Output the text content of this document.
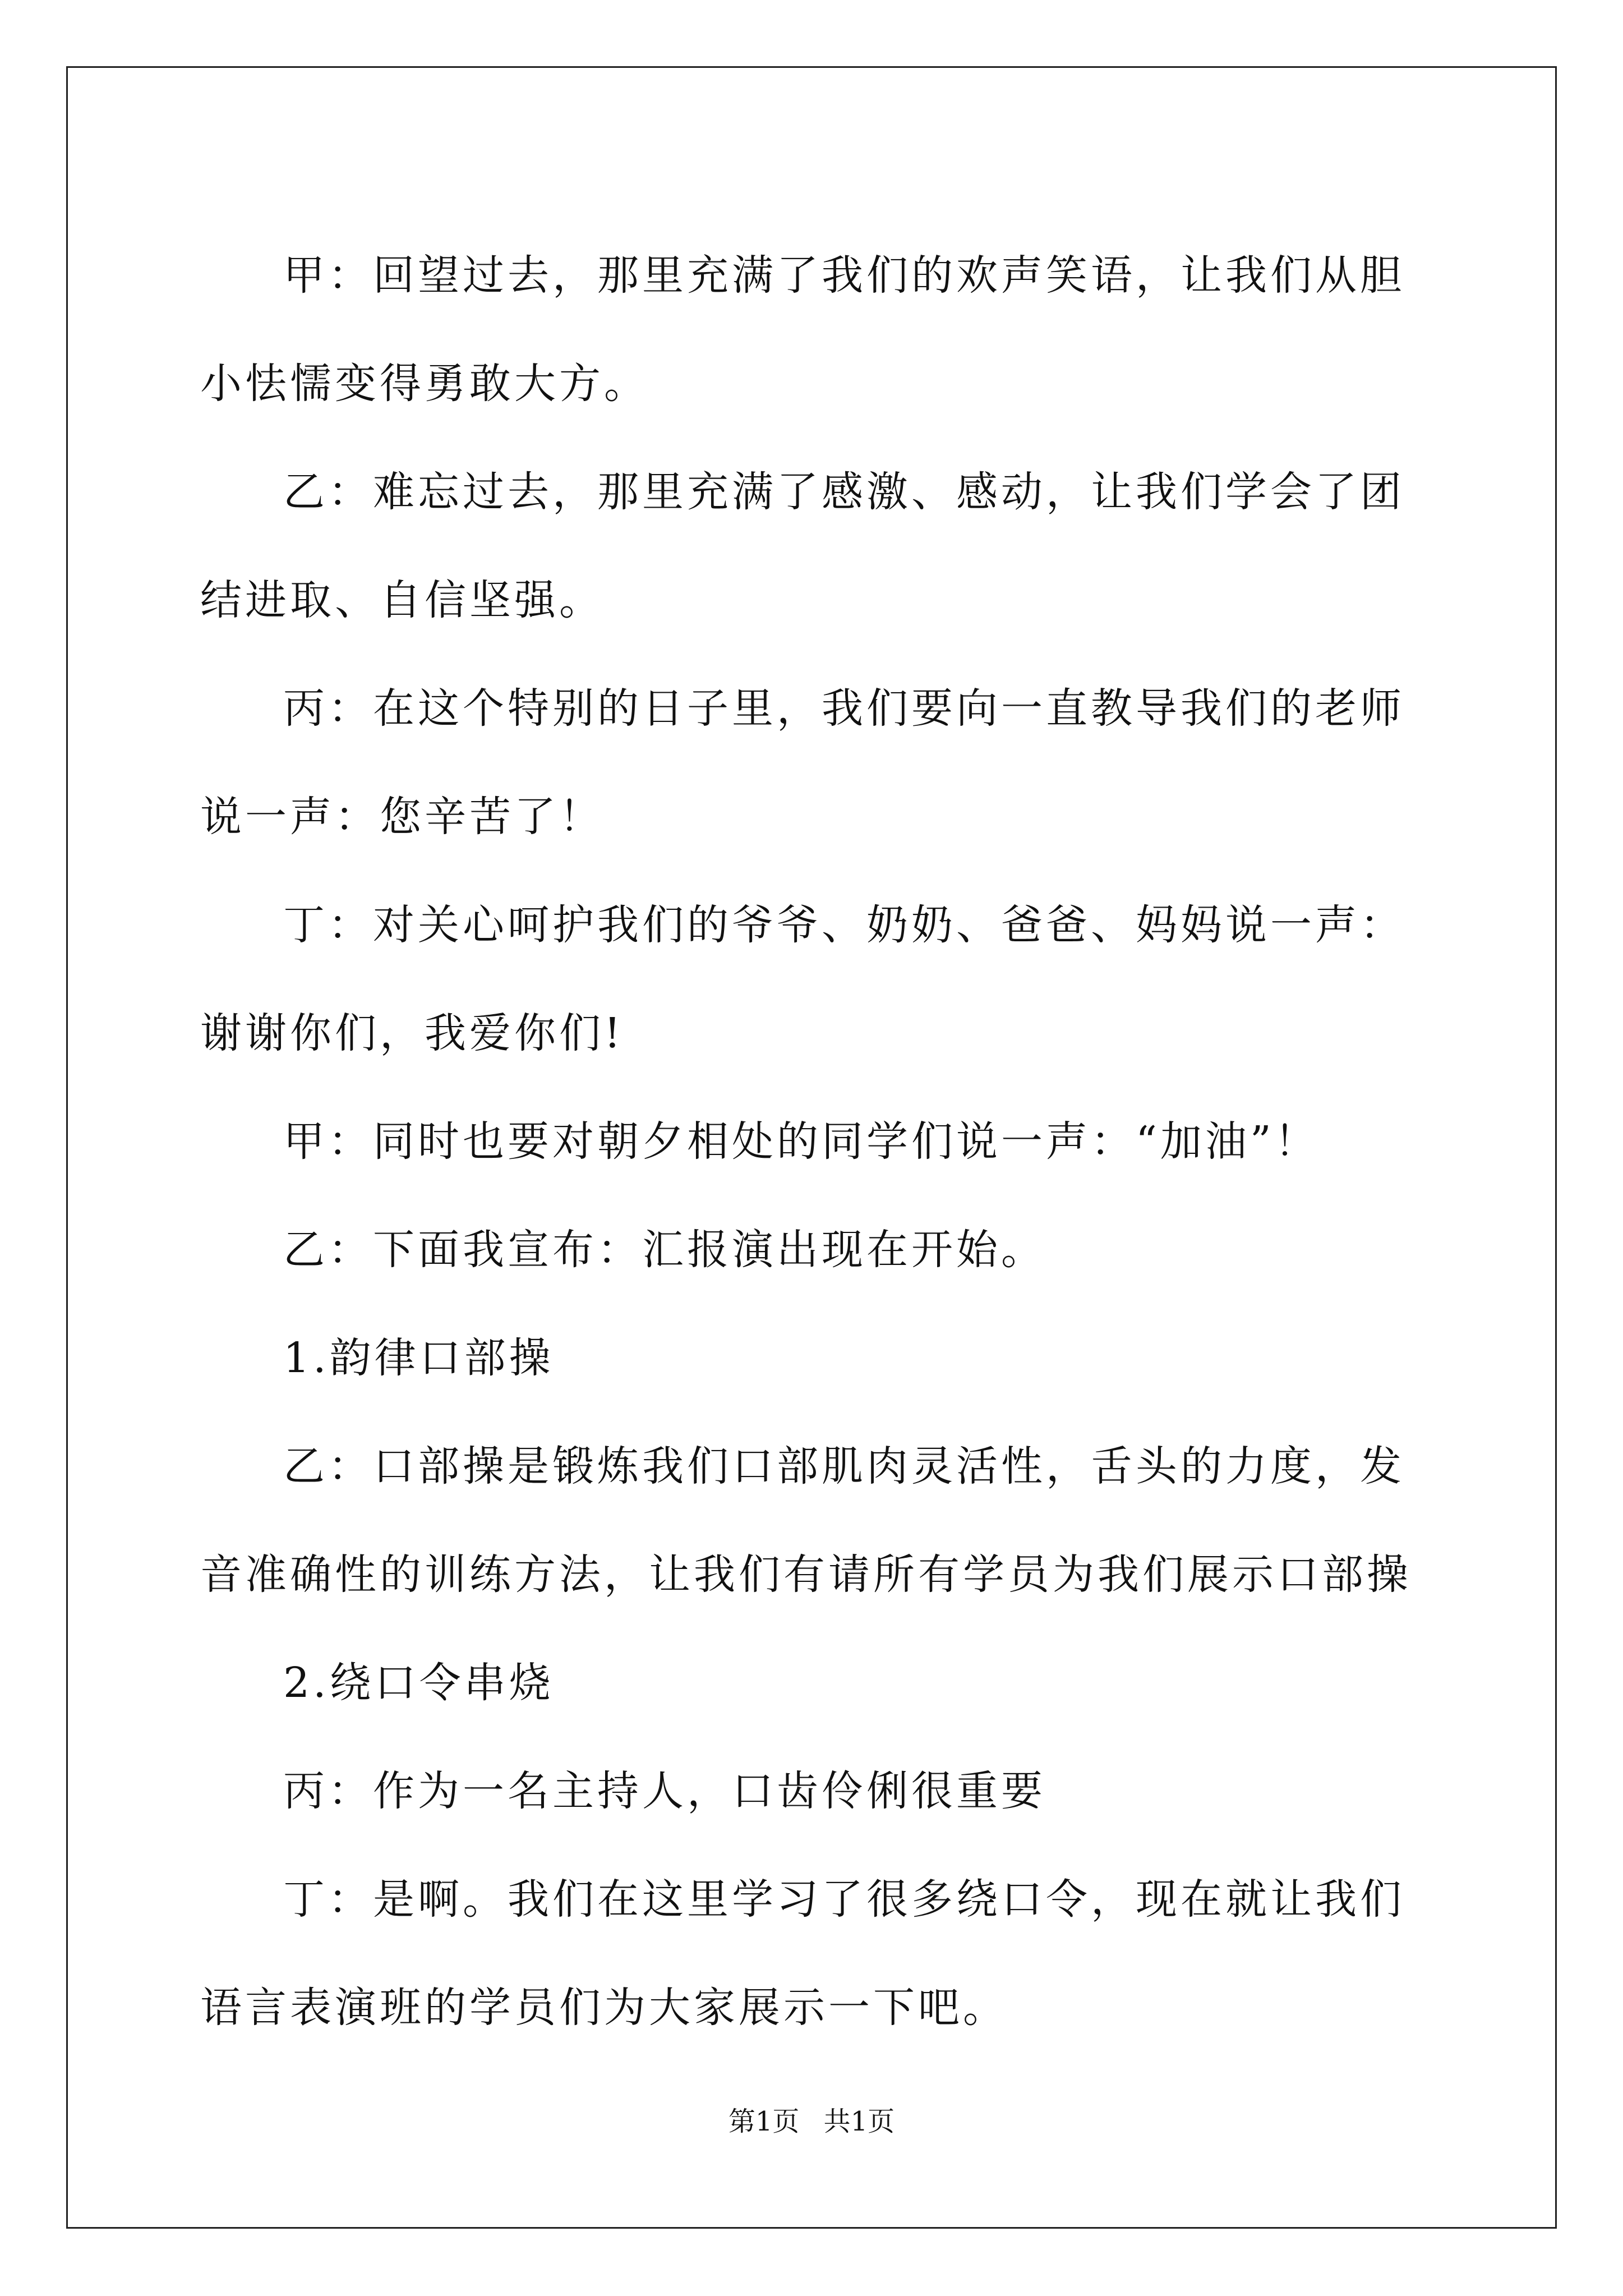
甲：回望过去，那里充满了我们的欢声笑语，让我们从胆小怯懦变得勇敢大方。

乙：难忘过去，那里充满了感激、感动，让我们学会了团结进取、自信坚强。

丙：在这个特别的日子里，我们要向一直教导我们的老师说一声：您辛苦了！

丁：对关心呵护我们的爷爷、奶奶、爸爸、妈妈说一声：谢谢你们，我爱你们!

甲：同时也要对朝夕相处的同学们说一声：“加油”！

乙：下面我宣布：汇报演出现在开始。

1.韵律口部操

乙：口部操是锻炼我们口部肌肉灵活性，舌头的力度，发音准确性的训练方法，让我们有请所有学员为我们展示口部操

2.绕口令串烧

丙：作为一名主持人，口齿伶俐很重要

丁：是啊。我们在这里学习了很多绕口令，现在就让我们语言表演班的学员们为大家展示一下吧。

第1页 共1页
